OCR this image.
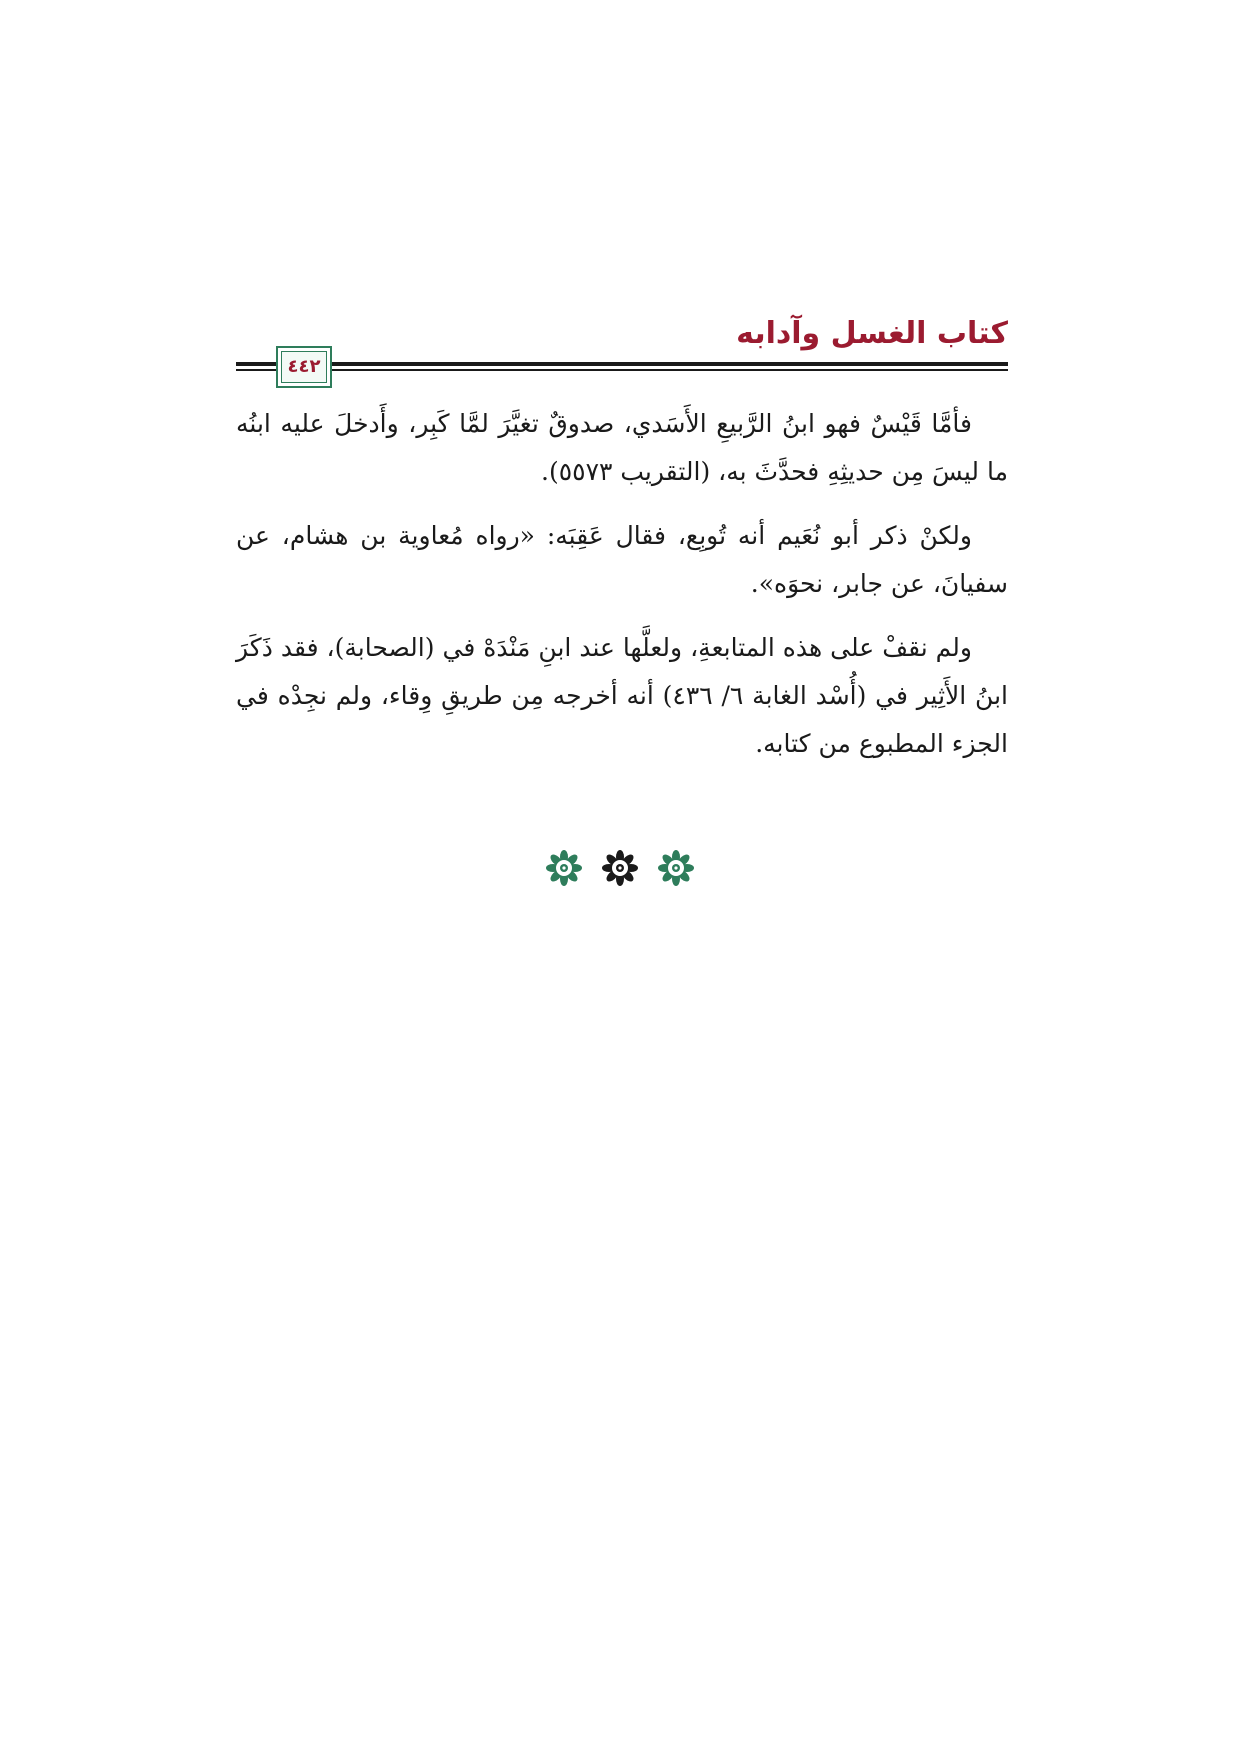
كتاب الغسل وآدابه
٤٤٢

فأمَّا قَيْسٌ فهو ابنُ الرَّبيعِ الأَسَدي، صدوقٌ تغيَّرَ لمَّا كَبِر، وأَدخلَ عليه ابنُه ما ليسَ مِن حديثِهِ فحدَّثَ به، (التقريب ٥٥٧٣).

ولكنْ ذكر أبو نُعَيم أنه تُوبِع، فقال عَقِبَه: «رواه مُعاوية بن هشام، عن سفيانَ، عن جابر، نحوَه».

ولم نقفْ على هذه المتابعةِ، ولعلَّها عند ابنِ مَنْدَهْ في (الصحابة)، فقد ذَكَرَ ابنُ الأَثِير في (أُسْد الغابة ٦/ ٤٣٦) أنه أخرجه مِن طريقِ وِقاء، ولم نجِدْه في الجزء المطبوع من كتابه.
